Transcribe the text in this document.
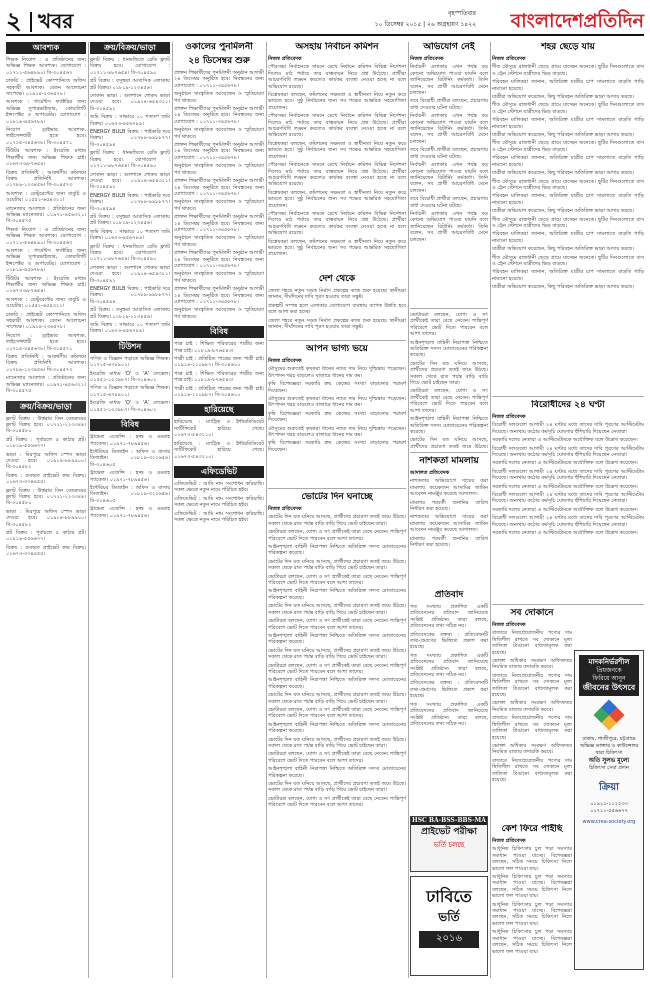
২ খবর	বৃহস্পতিবার
১০ ডিসেম্বর ২০১৫ | ২৬ অগ্রহায়ণ ১৪২২ বাংলাদেশপ্রতিদিন
আবশ্যক

শিক্ষক নিয়োগ : এ প্রতিষ্ঠানের জন্য অভিজ্ঞ শিক্ষক আবশ্যক। যোগাযোগ : ০১৭১১-৫৬৪৮৯০। বি-৩০৪৫৬৭

চাকরি : প্রাইভেট কোম্পানিতে অফিস সহকারী আবশ্যক। বেতন আলোচনা সাপেক্ষে। ০১৯১৪-২৩৬৫৭৮।

আবশ্যক : গার্মেন্টস ফ্যাক্টরির জন্য অভিজ্ঞ সুপারভাইজার, কোয়ালিটি ইন্সপেক্টর ও অপারেটর। যোগাযোগ : ০১৮১৯-৪৫৬৭৮৯।

নিয়োগ : ড্রাইভার আবশ্যক, লাইসেন্সধারী হতে হবে। ০১৭১৫-৩৪৫৬৭৮। বি-৩০৪৫৭১

টিউটর আবশ্যক : ইংরেজি মাধ্যম শিক্ষার্থীর জন্য অভিজ্ঞ শিক্ষক চাই। ০১৬৭৩-৯৮৭৬৫৪।

বিক্রয় প্রতিনিধি : আকর্ষণীয় কমিশনে বিক্রয় প্রতিনিধি আবশ্যক। ০১৭৮৯-১২৩৪৫৬। বি-৩০৪৫৭৩

আবশ্যক : রেস্টুরেন্টের জন্য বাবুর্চি ও ওয়েটার। ০১৫৫২-৬৫৪৩২১।

ম্যানেজার আবশ্যক : প্রতিষ্ঠানের জন্য অভিজ্ঞ ম্যানেজার। ০১৯৭১-৪৫৬৩২১। বি-৩০৪৫৭৫

শিক্ষক নিয়োগ : এ প্রতিষ্ঠানের জন্য অভিজ্ঞ শিক্ষক আবশ্যক। যোগাযোগ : ০১৭১১-৫৬৪৮৯০। বি-৩০৪৫৬৭

আবশ্যক : গার্মেন্টস ফ্যাক্টরির জন্য অভিজ্ঞ সুপারভাইজার, কোয়ালিটি ইন্সপেক্টর ও অপারেটর। যোগাযোগ : ০১৮১৯-৪৫৬৭৮৯।

টিউটর আবশ্যক : ইংরেজি মাধ্যম শিক্ষার্থীর জন্য অভিজ্ঞ শিক্ষক চাই। ০১৬৭৩-৯৮৭৬৫৪।

আবশ্যক : রেস্টুরেন্টের জন্য বাবুর্চি ও ওয়েটার। ০১৫৫২-৬৫৪৩২১।

চাকরি : প্রাইভেট কোম্পানিতে অফিস সহকারী আবশ্যক। বেতন আলোচনা সাপেক্ষে। ০১৯১৪-২৩৬৫৭৮।

নিয়োগ : ড্রাইভার আবশ্যক, লাইসেন্সধারী হতে হবে। ০১৭১৫-৩৪৫৬৭৮। বি-৩০৪৫৭১

বিক্রয় প্রতিনিধি : আকর্ষণীয় কমিশনে বিক্রয় প্রতিনিধি আবশ্যক। ০১৭৮৯-১২৩৪৫৬। বি-৩০৪৫৭৩

ম্যানেজার আবশ্যক : প্রতিষ্ঠানের জন্য অভিজ্ঞ ম্যানেজার। ০১৯৭১-৪৫৬৩২১। বি-৩০৪৫৭৫

ক্রয়/বিক্রয়/ভাড়া

ফ্ল্যাট বিক্রয় : উত্তরায় তিন বেডরুমের ফ্ল্যাট বিক্রয় হবে। ০১৭১১-২২৩৩৪৪। বি-৩০৪৫৮০

প্লট বিক্রয় : পূর্বাচলে ৫ কাঠার প্লট। ০১৮১৯-৫৫৬৬৭৭।

ভাড়া : মিরপুরে অফিস স্পেস ভাড়া দেওয়া হবে। ০১৯১৪-৮৮৯৯০০। বি-৩০৪৫৮২

বিক্রয় : ব্যবহৃত প্রাইভেট কার বিক্রয়। ০১৬৭৩-৩৩৪৪৫৫।

ফ্ল্যাট বিক্রয় : উত্তরায় তিন বেডরুমের ফ্ল্যাট বিক্রয় হবে। ০১৭১১-২২৩৩৪৪। বি-৩০৪৫৮০

ভাড়া : মিরপুরে অফিস স্পেস ভাড়া দেওয়া হবে। ০১৯১৪-৮৮৯৯০০। বি-৩০৪৫৮২

প্লট বিক্রয় : পূর্বাচলে ৫ কাঠার প্লট। ০১৮১৯-৫৫৬৬৭৭।

বিক্রয় : ব্যবহৃত প্রাইভেট কার বিক্রয়। ০১৬৭৩-৩৩৪৪৫৫।

ক্রয়/বিক্রয়/ভাড়া

ফ্ল্যাট বিক্রয় : ধানমন্ডিতে রেডি ফ্ল্যাট বিক্রয় হবে। যোগাযোগ : ০১৭১১-৯৮৭৬৫৪। বি-৩০৪৫৯০

প্লট বিক্রয় : বসুন্ধরা আবাসিক এলাকায় প্লট বিক্রয়। ০১৮১৯-১২৩৪৫৬।

দোকান ভাড়া : গুলশানে শোরুম ভাড়া দেওয়া হবে। ০১৯১৪-৬৫৪৩২১। বি-৩০৪৫৯২

জমি বিক্রয় : সাভারে ১০ শতাংশ জমি বিক্রয়। ০১৬৭৩-৪৫৬৭৮৯।

ENERGY BULB বিক্রয় : পাইকারি দরে বিক্রয়। ০১৭৮৯-৯৯৮৮৭৭। বি-৩০৪৫৯৪

ফ্ল্যাট বিক্রয় : ধানমন্ডিতে রেডি ফ্ল্যাট বিক্রয় হবে। যোগাযোগ : ০১৭১১-৯৮৭৬৫৪। বি-৩০৪৫৯০

দোকান ভাড়া : গুলশানে শোরুম ভাড়া দেওয়া হবে। ০১৯১৪-৬৫৪৩২১। বি-৩০৪৫৯২

ENERGY BULB বিক্রয় : পাইকারি দরে বিক্রয়। ০১৭৮৯-৯৯৮৮৭৭। বি-৩০৪৫৯৪

প্লট বিক্রয় : বসুন্ধরা আবাসিক এলাকায় প্লট বিক্রয়। ০১৮১৯-১২৩৪৫৬।

জমি বিক্রয় : সাভারে ১০ শতাংশ জমি বিক্রয়। ০১৬৭৩-৪৫৬৭৮৯।

ফ্ল্যাট বিক্রয় : ধানমন্ডিতে রেডি ফ্ল্যাট বিক্রয় হবে। যোগাযোগ : ০১৭১১-৯৮৭৬৫৪। বি-৩০৪৫৯০

দোকান ভাড়া : গুলশানে শোরুম ভাড়া দেওয়া হবে। ০১৯১৪-৬৫৪৩২১। বি-৩০৪৫৯২

ENERGY BULB বিক্রয় : পাইকারি দরে বিক্রয়। ০১৭৮৯-৯৯৮৮৭৭। বি-৩০৪৫৯৪

প্লট বিক্রয় : বসুন্ধরা আবাসিক এলাকায় প্লট বিক্রয়। ০১৮১৯-১২৩৪৫৬।

জমি বিক্রয় : সাভারে ১০ শতাংশ জমি বিক্রয়। ০১৬৭৩-৪৫৬৭৮৯।

টিউশন

গণিত ও বিজ্ঞান পড়াতে অভিজ্ঞ শিক্ষক। ০১৭১৫-৬৭৮৯০১।

ইংরেজি মাধ্যম 'O' ও 'A' লেভেল। ০১৫৫২-১২৩৯৮৭। বি-৩০৪৬০১

গণিত ও বিজ্ঞান পড়াতে অভিজ্ঞ শিক্ষক। ০১৭১৫-৬৭৮৯০১।

ইংরেজি মাধ্যম 'O' ও 'A' লেভেল। ০১৫৫২-১২৩৯৮৭। বি-৩০৪৬০১

বিবিধ

ট্রাভেল এজেন্সি : হজ্জ ও ওমরাহ প্যাকেজ। ০১৯৭১-৭৮৯৪৫৬।

ইন্টেরিয়র ডিজাইন : অফিস ও বাসার ডিজাইন। ০১৮১৯-৩২১৬৫৪। বি-৩০৪৬০৫

ট্রাভেল এজেন্সি : হজ্জ ও ওমরাহ প্যাকেজ। ০১৯৭১-৭৮৯৪৫৬।

ইন্টেরিয়র ডিজাইন : অফিস ও বাসার ডিজাইন। ০১৮১৯-৩২১৬৫৪। বি-৩০৪৬০৫

ট্রাভেল এজেন্সি : হজ্জ ও ওমরাহ প্যাকেজ। ০১৯৭১-৭৮৯৪৫৬।

ওকালের পুনর্মিলনী
২৪ ডিসেম্বর শুরু

প্রাক্তন শিক্ষার্থীদের পুনর্মিলনী অনুষ্ঠান আগামী ২৪ ডিসেম্বর অনুষ্ঠিত হবে। নিবন্ধনের জন্য যোগাযোগ : ০১৭১১-৩৪৫৬৭৮।

অনুষ্ঠানে সাংস্কৃতিক আয়োজন ও স্মৃতিচারণ পর্ব থাকবে।

প্রাক্তন শিক্ষার্থীদের পুনর্মিলনী অনুষ্ঠান আগামী ২৪ ডিসেম্বর অনুষ্ঠিত হবে। নিবন্ধনের জন্য যোগাযোগ : ০১৭১১-৩৪৫৬৭৮।

অনুষ্ঠানে সাংস্কৃতিক আয়োজন ও স্মৃতিচারণ পর্ব থাকবে।

প্রাক্তন শিক্ষার্থীদের পুনর্মিলনী অনুষ্ঠান আগামী ২৪ ডিসেম্বর অনুষ্ঠিত হবে। নিবন্ধনের জন্য যোগাযোগ : ০১৭১১-৩৪৫৬৭৮।

অনুষ্ঠানে সাংস্কৃতিক আয়োজন ও স্মৃতিচারণ পর্ব থাকবে।

প্রাক্তন শিক্ষার্থীদের পুনর্মিলনী অনুষ্ঠান আগামী ২৪ ডিসেম্বর অনুষ্ঠিত হবে। নিবন্ধনের জন্য যোগাযোগ : ০১৭১১-৩৪৫৬৭৮।

অনুষ্ঠানে সাংস্কৃতিক আয়োজন ও স্মৃতিচারণ পর্ব থাকবে।

প্রাক্তন শিক্ষার্থীদের পুনর্মিলনী অনুষ্ঠান আগামী ২৪ ডিসেম্বর অনুষ্ঠিত হবে। নিবন্ধনের জন্য যোগাযোগ : ০১৭১১-৩৪৫৬৭৮।

অনুষ্ঠানে সাংস্কৃতিক আয়োজন ও স্মৃতিচারণ পর্ব থাকবে।

প্রাক্তন শিক্ষার্থীদের পুনর্মিলনী অনুষ্ঠান আগামী ২৪ ডিসেম্বর অনুষ্ঠিত হবে। নিবন্ধনের জন্য যোগাযোগ : ০১৭১১-৩৪৫৬৭৮।

অনুষ্ঠানে সাংস্কৃতিক আয়োজন ও স্মৃতিচারণ পর্ব থাকবে।

প্রাক্তন শিক্ষার্থীদের পুনর্মিলনী অনুষ্ঠান আগামী ২৪ ডিসেম্বর অনুষ্ঠিত হবে। নিবন্ধনের জন্য যোগাযোগ : ০১৭১১-৩৪৫৬৭৮।

অনুষ্ঠানে সাংস্কৃতিক আয়োজন ও স্মৃতিচারণ পর্ব থাকবে।

বিবিধ

পাত্র চাই : শিক্ষিত পরিবারের পাত্রীর জন্য পাত্র চাই। ০১৮১৯-৮৭৬৫৪৩।

পাত্রী চাই : প্রতিষ্ঠিত পাত্রের জন্য পাত্রী চাই। ০১৯১৪-২১০৯৮৭। বি-৩০৪৬১০

পাত্র চাই : শিক্ষিত পরিবারের পাত্রীর জন্য পাত্র চাই। ০১৮১৯-৮৭৬৫৪৩।

পাত্রী চাই : প্রতিষ্ঠিত পাত্রের জন্য পাত্রী চাই। ০১৯১৪-২১০৯৮৭। বি-৩০৪৬১০

হারিয়েছে

হারিয়েছে : ম্যাট্রিক ও ইন্টারমিডিয়েট সার্টিফিকেট হারিয়ে গেছে। ০১৬৭৩-৫৪৩২১০।

হারিয়েছে : ম্যাট্রিক ও ইন্টারমিডিয়েট সার্টিফিকেট হারিয়ে গেছে। ০১৬৭৩-৫৪৩২১০।

এফিডেভিট

এফিডেভিট : আমি নাম সংশোধন করিয়াছি। সকল ক্ষেত্রে নতুন নামে পরিচিত হইব।

এফিডেভিট : আমি নাম সংশোধন করিয়াছি। সকল ক্ষেত্রে নতুন নামে পরিচিত হইব।

এফিডেভিট : আমি নাম সংশোধন করিয়াছি। সকল ক্ষেত্রে নতুন নামে পরিচিত হইব।

অসহায় নির্বাচন কমিশন

নিজস্ব প্রতিবেদক

পৌরসভা নির্বাচনকে সামনে রেখে নির্বাচন কমিশন বিভিন্ন নির্দেশনা দিলেও মাঠ পর্যায়ে তার বাস্তবায়ন নিয়ে প্রশ্ন উঠেছে। প্রার্থীরা আচরণবিধি লঙ্ঘন করলেও কার্যকর ব্যবস্থা নেওয়া হচ্ছে না বলে অভিযোগ রয়েছে।

বিশ্লেষকরা বলছেন, কমিশনের সক্ষমতা ও স্বাধীনতা নিয়ে নতুন করে ভাবতে হবে। সুষ্ঠু নির্বাচনের জন্য সব পক্ষের আন্তরিক সহযোগিতা প্রয়োজন।

পৌরসভা নির্বাচনকে সামনে রেখে নির্বাচন কমিশন বিভিন্ন নির্দেশনা দিলেও মাঠ পর্যায়ে তার বাস্তবায়ন নিয়ে প্রশ্ন উঠেছে। প্রার্থীরা আচরণবিধি লঙ্ঘন করলেও কার্যকর ব্যবস্থা নেওয়া হচ্ছে না বলে অভিযোগ রয়েছে।

বিশ্লেষকরা বলছেন, কমিশনের সক্ষমতা ও স্বাধীনতা নিয়ে নতুন করে ভাবতে হবে। সুষ্ঠু নির্বাচনের জন্য সব পক্ষের আন্তরিক সহযোগিতা প্রয়োজন।

পৌরসভা নির্বাচনকে সামনে রেখে নির্বাচন কমিশন বিভিন্ন নির্দেশনা দিলেও মাঠ পর্যায়ে তার বাস্তবায়ন নিয়ে প্রশ্ন উঠেছে। প্রার্থীরা আচরণবিধি লঙ্ঘন করলেও কার্যকর ব্যবস্থা নেওয়া হচ্ছে না বলে অভিযোগ রয়েছে।

বিশ্লেষকরা বলছেন, কমিশনের সক্ষমতা ও স্বাধীনতা নিয়ে নতুন করে ভাবতে হবে। সুষ্ঠু নির্বাচনের জন্য সব পক্ষের আন্তরিক সহযোগিতা প্রয়োজন।

পৌরসভা নির্বাচনকে সামনে রেখে নির্বাচন কমিশন বিভিন্ন নির্দেশনা দিলেও মাঠ পর্যায়ে তার বাস্তবায়ন নিয়ে প্রশ্ন উঠেছে। প্রার্থীরা আচরণবিধি লঙ্ঘন করলেও কার্যকর ব্যবস্থা নেওয়া হচ্ছে না বলে অভিযোগ রয়েছে।

বিশ্লেষকরা বলছেন, কমিশনের সক্ষমতা ও স্বাধীনতা নিয়ে নতুন করে ভাবতে হবে। সুষ্ঠু নির্বাচনের জন্য সব পক্ষের আন্তরিক সহযোগিতা প্রয়োজন।

দেশ থেকে

জেলা শহরে নতুন সড়ক নির্মাণ প্রকল্পের কাজ শুরু হয়েছে। স্থানীয়রা জানান, দীর্ঘদিনের দাবি পূরণ হওয়ায় তারা সন্তুষ্ট।

প্রকল্পটি সম্পন্ন হলে এলাকার যোগাযোগ ব্যবস্থায় ব্যাপক উন্নতি হবে বলে আশা করা হচ্ছে।

জেলা শহরে নতুন সড়ক নির্মাণ প্রকল্পের কাজ শুরু হয়েছে। স্থানীয়রা জানান, দীর্ঘদিনের দাবি পূরণ হওয়ায় তারা সন্তুষ্ট।

আপন ভাগ্য ভয়ে

নিজস্ব প্রতিবেদক

মৌসুমের শুরুতেই কৃষকরা ধানের ন্যায্য দাম নিয়ে দুশ্চিন্তায় পড়েছেন। উৎপাদন খরচ বাড়লেও বাজারে ধানের দাম কম।

কৃষি বিশেষজ্ঞরা সরকারি ক্রয় কেন্দ্রের সংখ্যা বাড়ানোর পরামর্শ দিয়েছেন।

মৌসুমের শুরুতেই কৃষকরা ধানের ন্যায্য দাম নিয়ে দুশ্চিন্তায় পড়েছেন। উৎপাদন খরচ বাড়লেও বাজারে ধানের দাম কম।

কৃষি বিশেষজ্ঞরা সরকারি ক্রয় কেন্দ্রের সংখ্যা বাড়ানোর পরামর্শ দিয়েছেন।

মৌসুমের শুরুতেই কৃষকরা ধানের ন্যায্য দাম নিয়ে দুশ্চিন্তায় পড়েছেন। উৎপাদন খরচ বাড়লেও বাজারে ধানের দাম কম।

কৃষি বিশেষজ্ঞরা সরকারি ক্রয় কেন্দ্রের সংখ্যা বাড়ানোর পরামর্শ দিয়েছেন।

ভোটের দিন ঘনাচ্ছে

নিজস্ব প্রতিবেদক

ভোটের দিন যত ঘনিয়ে আসছে, প্রার্থীদের প্রচারণা ততই জমে উঠছে। সকাল থেকে রাত পর্যন্ত বাড়ি বাড়ি গিয়ে ভোট চাইছেন তারা।

ভোটাররা বলছেন, যোগ্য ও সৎ প্রার্থীকেই তারা বেছে নেবেন। শান্তিপূর্ণ পরিবেশে ভোট দিতে পারবেন বলে আশা তাদের।

আইনশৃঙ্খলা বাহিনী নিরাপত্তা নিশ্চিতে অতিরিক্ত সদস্য মোতায়েনের পরিকল্পনা করেছে।

ভোটের দিন যত ঘনিয়ে আসছে, প্রার্থীদের প্রচারণা ততই জমে উঠছে। সকাল থেকে রাত পর্যন্ত বাড়ি বাড়ি গিয়ে ভোট চাইছেন তারা।

ভোটাররা বলছেন, যোগ্য ও সৎ প্রার্থীকেই তারা বেছে নেবেন। শান্তিপূর্ণ পরিবেশে ভোট দিতে পারবেন বলে আশা তাদের।

আইনশৃঙ্খলা বাহিনী নিরাপত্তা নিশ্চিতে অতিরিক্ত সদস্য মোতায়েনের পরিকল্পনা করেছে।

ভোটের দিন যত ঘনিয়ে আসছে, প্রার্থীদের প্রচারণা ততই জমে উঠছে। সকাল থেকে রাত পর্যন্ত বাড়ি বাড়ি গিয়ে ভোট চাইছেন তারা।

ভোটাররা বলছেন, যোগ্য ও সৎ প্রার্থীকেই তারা বেছে নেবেন। শান্তিপূর্ণ পরিবেশে ভোট দিতে পারবেন বলে আশা তাদের।

আইনশৃঙ্খলা বাহিনী নিরাপত্তা নিশ্চিতে অতিরিক্ত সদস্য মোতায়েনের পরিকল্পনা করেছে।

ভোটের দিন যত ঘনিয়ে আসছে, প্রার্থীদের প্রচারণা ততই জমে উঠছে। সকাল থেকে রাত পর্যন্ত বাড়ি বাড়ি গিয়ে ভোট চাইছেন তারা।

ভোটাররা বলছেন, যোগ্য ও সৎ প্রার্থীকেই তারা বেছে নেবেন। শান্তিপূর্ণ পরিবেশে ভোট দিতে পারবেন বলে আশা তাদের।

আইনশৃঙ্খলা বাহিনী নিরাপত্তা নিশ্চিতে অতিরিক্ত সদস্য মোতায়েনের পরিকল্পনা করেছে।

ভোটের দিন যত ঘনিয়ে আসছে, প্রার্থীদের প্রচারণা ততই জমে উঠছে। সকাল থেকে রাত পর্যন্ত বাড়ি বাড়ি গিয়ে ভোট চাইছেন তারা।

ভোটাররা বলছেন, যোগ্য ও সৎ প্রার্থীকেই তারা বেছে নেবেন। শান্তিপূর্ণ পরিবেশে ভোট দিতে পারবেন বলে আশা তাদের।

আইনশৃঙ্খলা বাহিনী নিরাপত্তা নিশ্চিতে অতিরিক্ত সদস্য মোতায়েনের পরিকল্পনা করেছে।

ভোটের দিন যত ঘনিয়ে আসছে, প্রার্থীদের প্রচারণা ততই জমে উঠছে। সকাল থেকে রাত পর্যন্ত বাড়ি বাড়ি গিয়ে ভোট চাইছেন তারা।

ভোটাররা বলছেন, যোগ্য ও সৎ প্রার্থীকেই তারা বেছে নেবেন। শান্তিপূর্ণ পরিবেশে ভোট দিতে পারবেন বলে আশা তাদের।

আইনশৃঙ্খলা বাহিনী নিরাপত্তা নিশ্চিতে অতিরিক্ত সদস্য মোতায়েনের পরিকল্পনা করেছে।

ভোটের দিন যত ঘনিয়ে আসছে, প্রার্থীদের প্রচারণা ততই জমে উঠছে। সকাল থেকে রাত পর্যন্ত বাড়ি বাড়ি গিয়ে ভোট চাইছেন তারা।

ভোটাররা বলছেন, যোগ্য ও সৎ প্রার্থীকেই তারা বেছে নেবেন। শান্তিপূর্ণ পরিবেশে ভোট দিতে পারবেন বলে আশা তাদের।

অভিযোগ নেই

নিজস্ব প্রতিবেদক

নির্বাচনী এলাকায় এখন পর্যন্ত বড় কোনো অভিযোগ পাওয়া যায়নি বলে জানিয়েছেন রিটার্নিং কর্মকর্তা। তিনি বলেন, সব প্রার্থী আচরণবিধি মেনে চলছেন।

তবে বিরোধী প্রার্থীরা বলছেন, প্রচারণায় বাধা দেওয়ার ঘটনা ঘটছে।

নির্বাচনী এলাকায় এখন পর্যন্ত বড় কোনো অভিযোগ পাওয়া যায়নি বলে জানিয়েছেন রিটার্নিং কর্মকর্তা। তিনি বলেন, সব প্রার্থী আচরণবিধি মেনে চলছেন।

তবে বিরোধী প্রার্থীরা বলছেন, প্রচারণায় বাধা দেওয়ার ঘটনা ঘটছে।

নির্বাচনী এলাকায় এখন পর্যন্ত বড় কোনো অভিযোগ পাওয়া যায়নি বলে জানিয়েছেন রিটার্নিং কর্মকর্তা। তিনি বলেন, সব প্রার্থী আচরণবিধি মেনে চলছেন।

তবে বিরোধী প্রার্থীরা বলছেন, প্রচারণায় বাধা দেওয়ার ঘটনা ঘটছে।

নির্বাচনী এলাকায় এখন পর্যন্ত বড় কোনো অভিযোগ পাওয়া যায়নি বলে জানিয়েছেন রিটার্নিং কর্মকর্তা। তিনি বলেন, সব প্রার্থী আচরণবিধি মেনে চলছেন।

ভোটাররা বলছেন, যোগ্য ও সৎ প্রার্থীকেই তারা বেছে নেবেন। শান্তিপূর্ণ পরিবেশে ভোট দিতে পারবেন বলে আশা তাদের।

আইনশৃঙ্খলা বাহিনী নিরাপত্তা নিশ্চিতে অতিরিক্ত সদস্য মোতায়েনের পরিকল্পনা করেছে।

ভোটের দিন যত ঘনিয়ে আসছে, প্রার্থীদের প্রচারণা ততই জমে উঠছে। সকাল থেকে রাত পর্যন্ত বাড়ি বাড়ি গিয়ে ভোট চাইছেন তারা।

ভোটাররা বলছেন, যোগ্য ও সৎ প্রার্থীকেই তারা বেছে নেবেন। শান্তিপূর্ণ পরিবেশে ভোট দিতে পারবেন বলে আশা তাদের।

আইনশৃঙ্খলা বাহিনী নিরাপত্তা নিশ্চিতে অতিরিক্ত সদস্য মোতায়েনের পরিকল্পনা করেছে।

ভোটের দিন যত ঘনিয়ে আসছে, প্রার্থীদের প্রচারণা ততই জমে উঠছে।

নাশকতা মামলায়

আদালত প্রতিবেদক

নাশকতার অভিযোগে দায়ের করা মামলায় কয়েকজন আসামির জামিন আবেদন নামঞ্জুর করেছে আদালত।

মামলার পরবর্তী শুনানির তারিখ নির্ধারণ করা হয়েছে।

নাশকতার অভিযোগে দায়ের করা মামলায় কয়েকজন আসামির জামিন আবেদন নামঞ্জুর করেছে আদালত।

মামলার পরবর্তী শুনানির তারিখ নির্ধারণ করা হয়েছে।

প্রতিবাদ

গত সংখ্যায় প্রকাশিত একটি প্রতিবেদনের প্রতিবাদ জানিয়েছে সংশ্লিষ্ট প্রতিষ্ঠান। তারা বলছে, প্রতিবেদনের তথ্য সঠিক নয়।

প্রতিবেদকের বক্তব্য : প্রতিবেদনটি তথ্য-প্রমাণের ভিত্তিতে প্রকাশ করা হয়েছে।

গত সংখ্যায় প্রকাশিত একটি প্রতিবেদনের প্রতিবাদ জানিয়েছে সংশ্লিষ্ট প্রতিষ্ঠান। তারা বলছে, প্রতিবেদনের তথ্য সঠিক নয়।

প্রতিবেদকের বক্তব্য : প্রতিবেদনটি তথ্য-প্রমাণের ভিত্তিতে প্রকাশ করা হয়েছে।

গত সংখ্যায় প্রকাশিত একটি প্রতিবেদনের প্রতিবাদ জানিয়েছে সংশ্লিষ্ট প্রতিষ্ঠান। তারা বলছে, প্রতিবেদনের তথ্য সঠিক নয়।

HSC BA-BSS-BBS-MA
প্রাইভেট পরীক্ষা
ভর্তি চলছে
ঢাবিতে
ভর্তি
২০১৬
শহর ছেড়ে যায়

নিজস্ব প্রতিবেদক

শীত মৌসুমে রাজধানী ছেড়ে গ্রামে যাচ্ছেন অনেকে। ছুটির দিনগুলোতে বাস ও ট্রেন স্টেশনে যাত্রীদের ভিড় বাড়ছে।

পরিবহন মালিকরা জানান, অতিরিক্ত যাত্রীর চাপ সামলাতে বাড়তি গাড়ি নামানো হয়েছে।

যাত্রীরা অভিযোগ করেছেন, কিছু পরিবহন অতিরিক্ত ভাড়া আদায় করছে।

শীত মৌসুমে রাজধানী ছেড়ে গ্রামে যাচ্ছেন অনেকে। ছুটির দিনগুলোতে বাস ও ট্রেন স্টেশনে যাত্রীদের ভিড় বাড়ছে।

পরিবহন মালিকরা জানান, অতিরিক্ত যাত্রীর চাপ সামলাতে বাড়তি গাড়ি নামানো হয়েছে।

যাত্রীরা অভিযোগ করেছেন, কিছু পরিবহন অতিরিক্ত ভাড়া আদায় করছে।

শীত মৌসুমে রাজধানী ছেড়ে গ্রামে যাচ্ছেন অনেকে। ছুটির দিনগুলোতে বাস ও ট্রেন স্টেশনে যাত্রীদের ভিড় বাড়ছে।

পরিবহন মালিকরা জানান, অতিরিক্ত যাত্রীর চাপ সামলাতে বাড়তি গাড়ি নামানো হয়েছে।

যাত্রীরা অভিযোগ করেছেন, কিছু পরিবহন অতিরিক্ত ভাড়া আদায় করছে।

শীত মৌসুমে রাজধানী ছেড়ে গ্রামে যাচ্ছেন অনেকে। ছুটির দিনগুলোতে বাস ও ট্রেন স্টেশনে যাত্রীদের ভিড় বাড়ছে।

পরিবহন মালিকরা জানান, অতিরিক্ত যাত্রীর চাপ সামলাতে বাড়তি গাড়ি নামানো হয়েছে।

যাত্রীরা অভিযোগ করেছেন, কিছু পরিবহন অতিরিক্ত ভাড়া আদায় করছে।

শীত মৌসুমে রাজধানী ছেড়ে গ্রামে যাচ্ছেন অনেকে। ছুটির দিনগুলোতে বাস ও ট্রেন স্টেশনে যাত্রীদের ভিড় বাড়ছে।

পরিবহন মালিকরা জানান, অতিরিক্ত যাত্রীর চাপ সামলাতে বাড়তি গাড়ি নামানো হয়েছে।

যাত্রীরা অভিযোগ করেছেন, কিছু পরিবহন অতিরিক্ত ভাড়া আদায় করছে।

শীত মৌসুমে রাজধানী ছেড়ে গ্রামে যাচ্ছেন অনেকে। ছুটির দিনগুলোতে বাস ও ট্রেন স্টেশনে যাত্রীদের ভিড় বাড়ছে।

পরিবহন মালিকরা জানান, অতিরিক্ত যাত্রীর চাপ সামলাতে বাড়তি গাড়ি নামানো হয়েছে।

যাত্রীরা অভিযোগ করেছেন, কিছু পরিবহন অতিরিক্ত ভাড়া আদায় করছে।

বিরোধীদের ২৪ ঘণ্টা

নিজস্ব প্রতিবেদক

বিরোধী দলগুলো আগামী ২৪ ঘণ্টার মধ্যে তাদের দাবি পূরণের আল্টিমেটাম দিয়েছে। অন্যথায় কঠোর কর্মসূচি ঘোষণার হুঁশিয়ারি দিয়েছেন নেতারা।

সরকারি দলের নেতারা এ আল্টিমেটামকে অযৌক্তিক বলে উল্লেখ করেছেন।

বিরোধী দলগুলো আগামী ২৪ ঘণ্টার মধ্যে তাদের দাবি পূরণের আল্টিমেটাম দিয়েছে। অন্যথায় কঠোর কর্মসূচি ঘোষণার হুঁশিয়ারি দিয়েছেন নেতারা।

সরকারি দলের নেতারা এ আল্টিমেটামকে অযৌক্তিক বলে উল্লেখ করেছেন।

বিরোধী দলগুলো আগামী ২৪ ঘণ্টার মধ্যে তাদের দাবি পূরণের আল্টিমেটাম দিয়েছে। অন্যথায় কঠোর কর্মসূচি ঘোষণার হুঁশিয়ারি দিয়েছেন নেতারা।

সরকারি দলের নেতারা এ আল্টিমেটামকে অযৌক্তিক বলে উল্লেখ করেছেন।

বিরোধী দলগুলো আগামী ২৪ ঘণ্টার মধ্যে তাদের দাবি পূরণের আল্টিমেটাম দিয়েছে। অন্যথায় কঠোর কর্মসূচি ঘোষণার হুঁশিয়ারি দিয়েছেন নেতারা।

সরকারি দলের নেতারা এ আল্টিমেটামকে অযৌক্তিক বলে উল্লেখ করেছেন।

বিরোধী দলগুলো আগামী ২৪ ঘণ্টার মধ্যে তাদের দাবি পূরণের আল্টিমেটাম দিয়েছে। অন্যথায় কঠোর কর্মসূচি ঘোষণার হুঁশিয়ারি দিয়েছেন নেতারা।

সরকারি দলের নেতারা এ আল্টিমেটামকে অযৌক্তিক বলে উল্লেখ করেছেন।

সব দোকানে

নিজস্ব প্রতিবেদক

বাজারে নিত্যপ্রয়োজনীয় পণ্যের দাম স্থিতিশীল রাখতে সব দোকানে মূল্য তালিকা টাঙানো বাধ্যতামূলক করা হয়েছে।

ভোক্তা অধিকার সংরক্ষণ অধিদফতর নিয়মিত বাজার তদারকি করবে।

বাজারে নিত্যপ্রয়োজনীয় পণ্যের দাম স্থিতিশীল রাখতে সব দোকানে মূল্য তালিকা টাঙানো বাধ্যতামূলক করা হয়েছে।

ভোক্তা অধিকার সংরক্ষণ অধিদফতর নিয়মিত বাজার তদারকি করবে।

বাজারে নিত্যপ্রয়োজনীয় পণ্যের দাম স্থিতিশীল রাখতে সব দোকানে মূল্য তালিকা টাঙানো বাধ্যতামূলক করা হয়েছে।

ভোক্তা অধিকার সংরক্ষণ অধিদফতর নিয়মিত বাজার তদারকি করবে।

বাজারে নিত্যপ্রয়োজনীয় পণ্যের দাম স্থিতিশীল রাখতে সব দোকানে মূল্য তালিকা টাঙানো বাধ্যতামূলক করা হয়েছে।

মাদকনির্ভরশীল
প্রিয়জনকে
ফিরিয়ে আনুন
জীবনের উৎসবে
ঢাকায়, গাজীপুরে, চট্টগ্রামে
অভিজ্ঞ ডাক্তার ও কাউন্সেলর দ্বারা চিকিৎসা
অতি সুলভ মূল্যে
চিকিৎসা সেবা প্রদান
ক্রিয়া
০১৯১১-১১২২৩৩
০১৭১১-৫৫৬৬৭৭
www.crea-society.org
কেশ ফিরে পাইছি

নিজস্ব প্রতিবেদক

আধুনিক চিকিৎসায় চুল পড়া সমস্যার সমাধান পাওয়া যাচ্ছে। বিশেষজ্ঞরা বলছেন, সঠিক সময়ে চিকিৎসা নিলে ভালো ফল পাওয়া যায়।

আধুনিক চিকিৎসায় চুল পড়া সমস্যার সমাধান পাওয়া যাচ্ছে। বিশেষজ্ঞরা বলছেন, সঠিক সময়ে চিকিৎসা নিলে ভালো ফল পাওয়া যায়।

আধুনিক চিকিৎসায় চুল পড়া সমস্যার সমাধান পাওয়া যাচ্ছে। বিশেষজ্ঞরা বলছেন, সঠিক সময়ে চিকিৎসা নিলে ভালো ফল পাওয়া যায়।

আধুনিক চিকিৎসায় চুল পড়া সমস্যার সমাধান পাওয়া যাচ্ছে। বিশেষজ্ঞরা বলছেন, সঠিক সময়ে চিকিৎসা নিলে ভালো ফল পাওয়া যায়।
